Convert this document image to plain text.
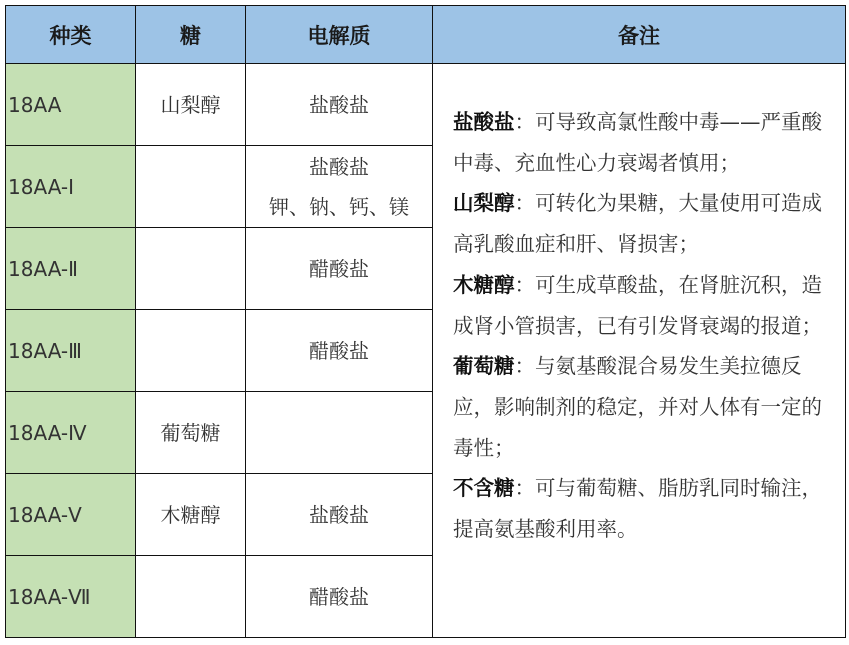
种类	糖	电解质	备注
18AA	山梨醇	盐酸盐	盐酸盐：可导致高氯性酸中毒——严重酸中毒、充血性心力衰竭者慎用；
山梨醇：可转化为果糖，大量使用可造成高乳酸血症和肝、肾损害；
木糖醇：可生成草酸盐，在肾脏沉积，造成肾小管损害，已有引发肾衰竭的报道；
葡萄糖：与氨基酸混合易发生美拉德反应，影响制剂的稳定，并对人体有一定的毒性；
不含糖：可与葡萄糖、脂肪乳同时输注，提高氨基酸利用率。

18AA-Ⅰ		盐酸盐
钾、钠、钙、镁	

18AA-Ⅱ		醋酸盐	

18AA-Ⅲ		醋酸盐	

18AA-Ⅳ	葡萄糖		
18AA-Ⅴ	木糖醇	盐酸盐	

18AA-Ⅶ		醋酸盐	
